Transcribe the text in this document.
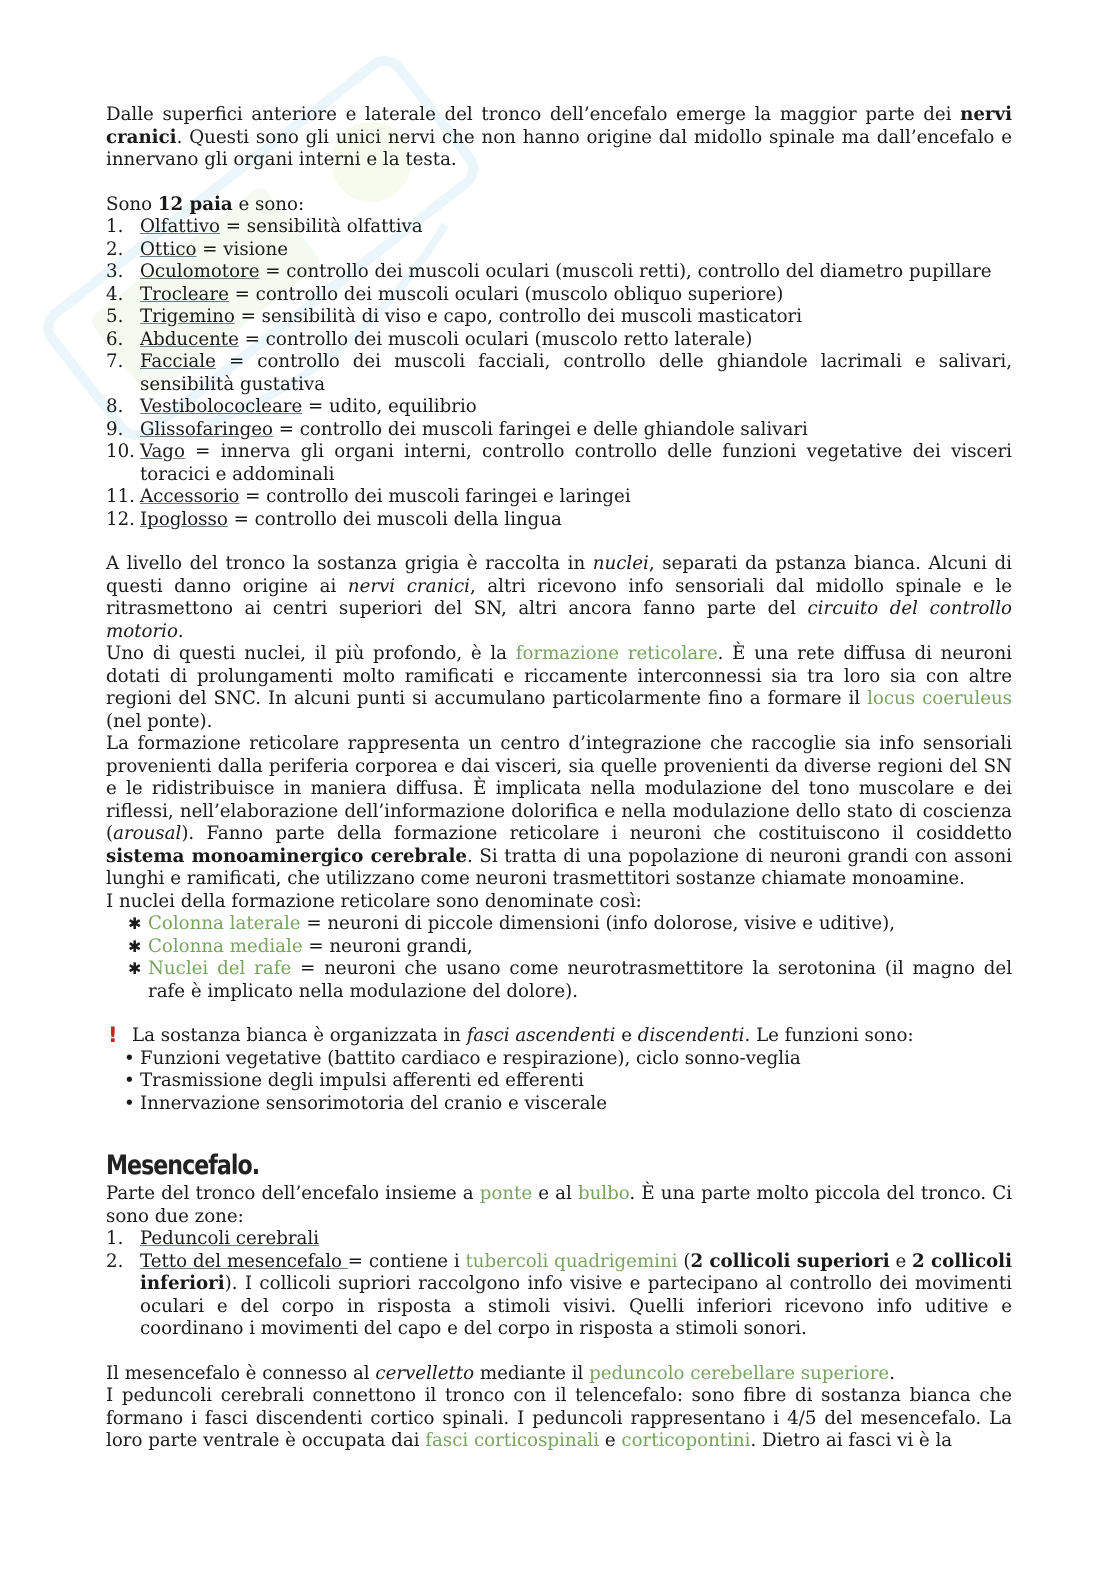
Dalle superfici anteriore e laterale del tronco dell’encefalo emerge la maggior parte dei nervi cranici. Questi sono gli unici nervi che non hanno origine dal midollo spinale ma dall’encefalo e innervano gli organi interni e la testa.

Sono 12 paia e sono:

1. Olfattivo = sensibilità olfattiva
2. Ottico = visione
3. Oculomotore = controllo dei muscoli oculari (muscoli retti), controllo del diametro pupillare
4. Trocleare = controllo dei muscoli oculari (muscolo obliquo superiore)
5. Trigemino = sensibilità di viso e capo, controllo dei muscoli masticatori
6. Abducente = controllo dei muscoli oculari (muscolo retto laterale)
7. Facciale = controllo dei muscoli facciali, controllo delle ghiandole lacrimali e salivari, sensibilità gustativa
8. Vestibolococleare = udito, equilibrio
9. Glissofaringeo = controllo dei muscoli faringei e delle ghiandole salivari
10. Vago = innerva gli organi interni, controllo controllo delle funzioni vegetative dei visceri toracici e addominali
11. Accessorio = controllo dei muscoli faringei e laringei
12. Ipoglosso = controllo dei muscoli della lingua

A livello del tronco la sostanza grigia è raccolta in nuclei, separati da pstanza bianca. Alcuni di questi danno origine ai nervi cranici, altri ricevono info sensoriali dal midollo spinale e le ritrasmettono ai centri superiori del SN, altri ancora fanno parte del circuito del controllo motorio.

Uno di questi nuclei, il più profondo, è la formazione reticolare. È una rete diffusa di neuroni dotati di prolungamenti molto ramificati e riccamente interconnessi sia tra loro sia con altre regioni del SNC. In alcuni punti si accumulano particolarmente fino a formare il locus coeruleus (nel ponte).

La formazione reticolare rappresenta un centro d’integrazione che raccoglie sia info sensoriali provenienti dalla periferia corporea e dai visceri, sia quelle provenienti da diverse regioni del SN e le ridistribuisce in maniera diffusa. È implicata nella modulazione del tono muscolare e dei riflessi, nell’elaborazione dell’informazione dolorifica e nella modulazione dello stato di coscienza (arousal). Fanno parte della formazione reticolare i neuroni che costituiscono il cosiddetto sistema monoaminergico cerebrale. Si tratta di una popolazione di neuroni grandi con assoni lunghi e ramificati, che utilizzano come neuroni trasmettitori sostanze chiamate monoamine.

I nuclei della formazione reticolare sono denominate così:

✱ Colonna laterale = neuroni di piccole dimensioni (info dolorose, visive e uditive),
✱ Colonna mediale = neuroni grandi,
✱ Nuclei del rafe = neuroni che usano come neurotrasmettitore la serotonina (il magno del rafe è implicato nella modulazione del dolore).

! La sostanza bianca è organizzata in fasci ascendenti e discendenti. Le funzioni sono:

• Funzioni vegetative (battito cardiaco e respirazione), ciclo sonno-veglia
• Trasmissione degli impulsi afferenti ed efferenti
• Innervazione sensorimotoria del cranio e viscerale
Mesencefalo.

Parte del tronco dell’encefalo insieme a ponte e al bulbo. È una parte molto piccola del tronco. Ci sono due zone:

1. Peduncoli cerebrali
2. Tetto del mesencefalo = contiene i tubercoli quadrigemini (2 collicoli superiori e 2 collicoli inferiori). I collicoli supriori raccolgono info visive e partecipano al controllo dei movimenti oculari e del corpo in risposta a stimoli visivi. Quelli inferiori ricevono info uditive e coordinano i movimenti del capo e del corpo in risposta a stimoli sonori.

Il mesencefalo è connesso al cervelletto mediante il peduncolo cerebellare superiore.

I peduncoli cerebrali connettono il tronco con il telencefalo: sono fibre di sostanza bianca che formano i fasci discendenti cortico spinali. I peduncoli rappresentano i 4/5 del mesencefalo. La loro parte ventrale è occupata dai fasci corticospinali e corticopontini. Dietro ai fasci vi è la
